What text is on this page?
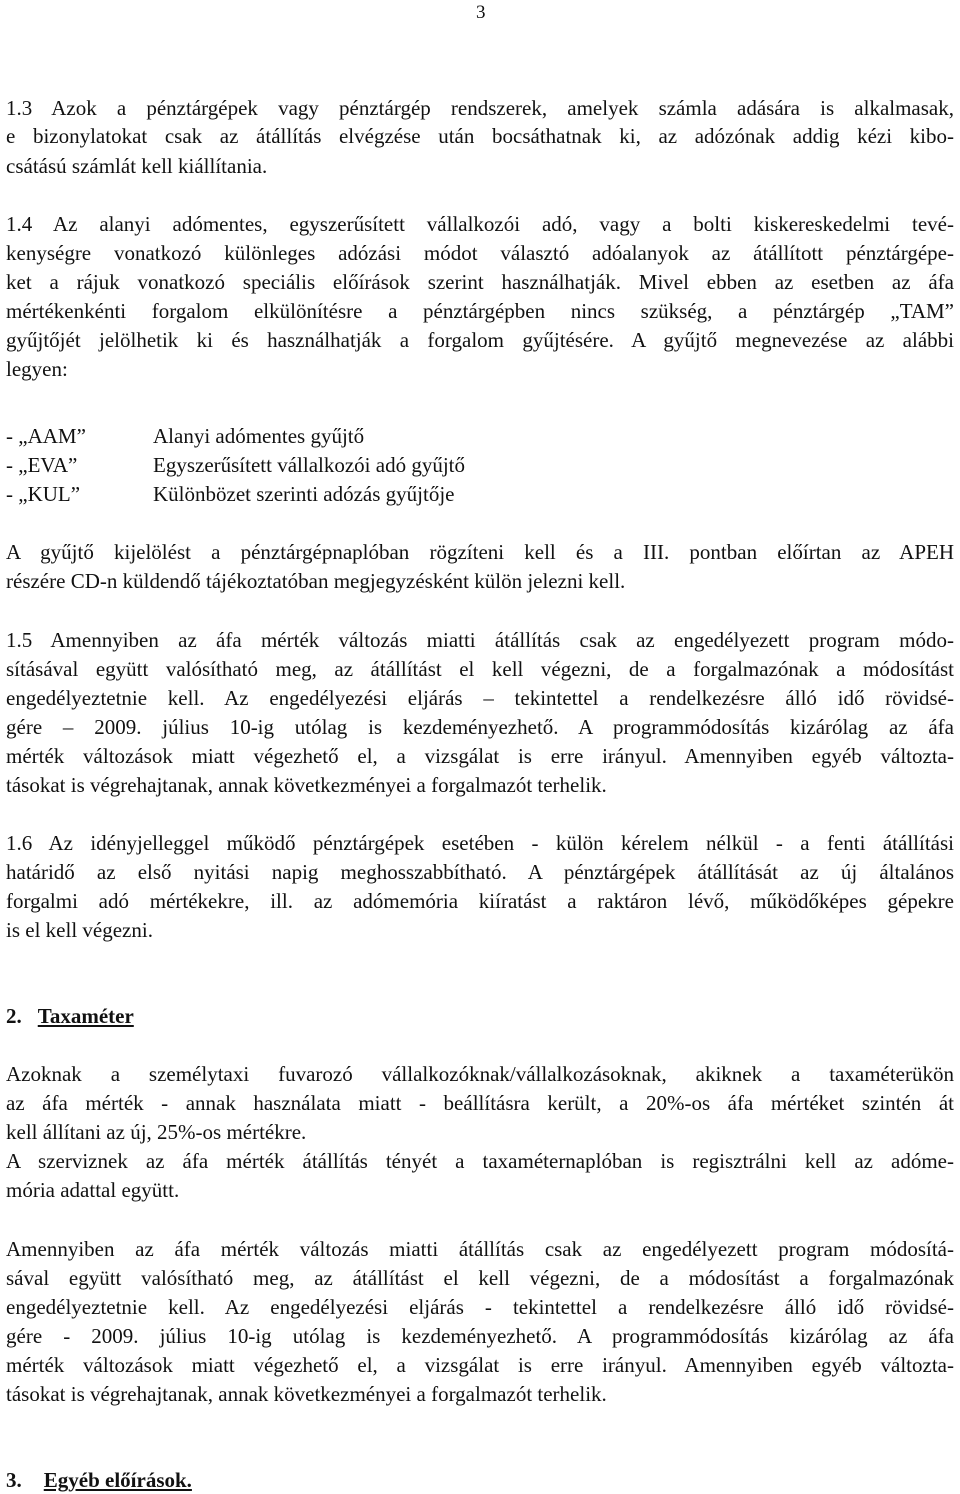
3
1.3 Azok a pénztárgépek vagy pénztárgép rendszerek, amelyek számla adására is alkalmasak,
e bizonylatokat csak az átállítás elvégzése után bocsáthatnak ki, az adózónak addig kézi kibo-
csátású számlát kell kiállítania.
1.4 Az alanyi adómentes, egyszerűsített vállalkozói adó, vagy a bolti kiskereskedelmi tevé-
kenységre vonatkozó különleges adózási módot választó adóalanyok az átállított pénztárgépe-
ket a rájuk vonatkozó speciális előírások szerint használhatják. Mivel ebben az esetben az áfa
mértékenkénti forgalom elkülönítésre a pénztárgépben nincs szükség, a pénztárgép „TAM”
gyűjtőjét jelölhetik ki és használhatják a forgalom gyűjtésére. A gyűjtő megnevezése az alábbi
legyen:
- „AAM”	Alanyi adómentes gyűjtő
- „EVA”	Egyszerűsített vállalkozói adó gyűjtő
- „KUL”	Különbözet szerinti adózás gyűjtője
A gyűjtő kijelölést a pénztárgépnaplóban rögzíteni kell és a III. pontban előírtan az APEH
részére CD-n küldendő tájékoztatóban megjegyzésként külön jelezni kell.
1.5 Amennyiben az áfa mérték változás miatti átállítás csak az engedélyezett program módo-
sításával együtt valósítható meg, az átállítást el kell végezni, de a forgalmazónak a módosítást
engedélyeztetnie kell. Az engedélyezési eljárás – tekintettel a rendelkezésre álló idő rövidsé-
gére – 2009. július 10-ig utólag is kezdeményezhető. A programmódosítás kizárólag az áfa
mérték változások miatt végezhető el, a vizsgálat is erre irányul. Amennyiben egyéb változta-
tásokat is végrehajtanak, annak következményei a forgalmazót terhelik.
1.6 Az idényjelleggel működő pénztárgépek esetében - külön kérelem nélkül - a fenti átállítási
határidő az első nyitási napig meghosszabbítható. A pénztárgépek átállítását az új általános
forgalmi adó mértékekre, ill. az adómemória kiíratást a raktáron lévő, működőképes gépekre
is el kell végezni.
2. Taxaméter
Azoknak a személytaxi fuvarozó vállalkozóknak/vállalkozásoknak, akiknek a taxaméterükön
az áfa mérték - annak használata miatt - beállításra került, a 20%-os áfa mértéket szintén át
kell állítani az új, 25%-os mértékre.
A szerviznek az áfa mérték átállítás tényét a taxaméternaplóban is regisztrálni kell az adóme-
mória adattal együtt.
Amennyiben az áfa mérték változás miatti átállítás csak az engedélyezett program módosítá-
sával együtt valósítható meg, az átállítást el kell végezni, de a módosítást a forgalmazónak
engedélyeztetnie kell. Az engedélyezési eljárás - tekintettel a rendelkezésre álló idő rövidsé-
gére - 2009. július 10-ig utólag is kezdeményezhető. A programmódosítás kizárólag az áfa
mérték változások miatt végezhető el, a vizsgálat is erre irányul. Amennyiben egyéb változta-
tásokat is végrehajtanak, annak következményei a forgalmazót terhelik.
3. Egyéb előírások.
